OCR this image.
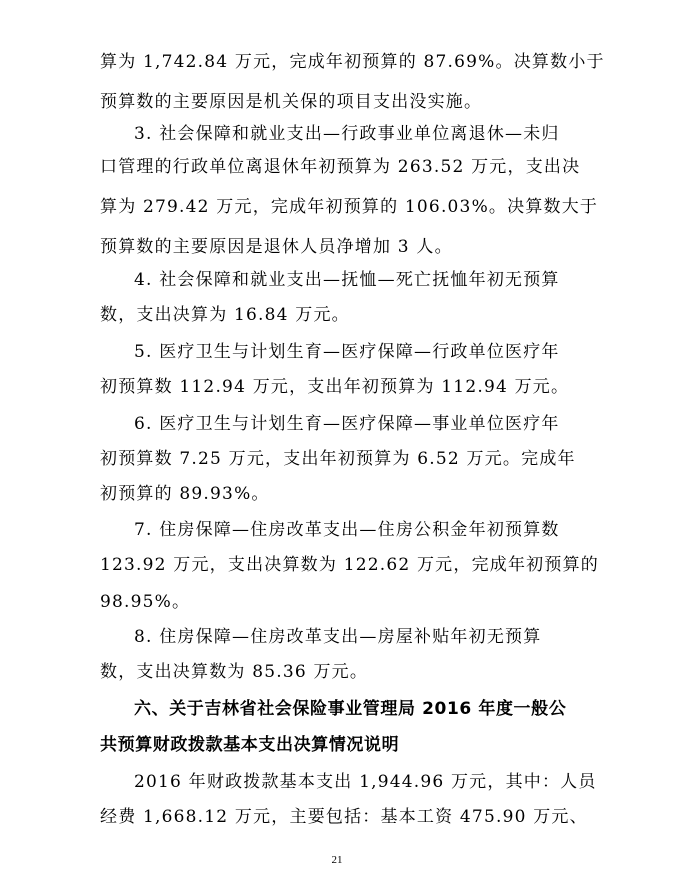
算为 1,742.84 万元，完成年初预算的 87.69%。决算数小于
预算数的主要原因是机关保的项目支出没实施。
3. 社会保障和就业支出—行政事业单位离退休—未归
口管理的行政单位离退休年初预算为 263.52 万元，支出决
算为 279.42 万元，完成年初预算的 106.03%。决算数大于
预算数的主要原因是退休人员净增加 3 人。
4. 社会保障和就业支出—抚恤—死亡抚恤年初无预算
数，支出决算为 16.84 万元。
5. 医疗卫生与计划生育—医疗保障—行政单位医疗年
初预算数 112.94 万元，支出年初预算为 112.94 万元。
6. 医疗卫生与计划生育—医疗保障—事业单位医疗年
初预算数 7.25 万元，支出年初预算为 6.52 万元。完成年
初预算的 89.93%。
7. 住房保障—住房改革支出—住房公积金年初预算数
123.92 万元，支出决算数为 122.62 万元，完成年初预算的
98.95%。
8. 住房保障—住房改革支出—房屋补贴年初无预算
数，支出决算数为 85.36 万元。
六、关于吉林省社会保险事业管理局 2016 年度一般公
共预算财政拨款基本支出决算情况说明
2016 年财政拨款基本支出 1,944.96 万元，其中：人员
经费 1,668.12 万元，主要包括：基本工资 475.90 万元、
21
